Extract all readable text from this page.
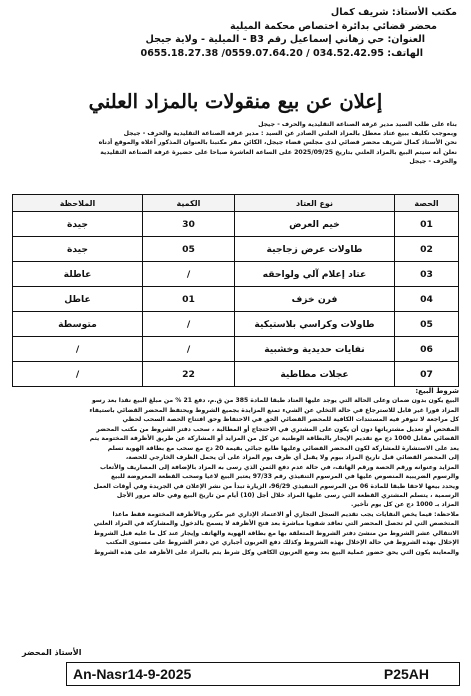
مكتب الأستاذ: شريف كمال
محضر قضائي بدائرة اختصاص محكمة الميلية
العنوان: حي زهاني إسماعيل رقم B3 - الميلية - ولاية جيجل
الهاتف: 034.52.42.95 / 0559.07.64.20/ 0655.18.27.38
إعلان عن بيع منقولات بالمزاد العلني
بناء على طلب السيد مدير غرفة الصناعة التقليدية والحرف - جيجل
وبموجب تكليف ببيع عتاد معطل بالمزاد العلني الصادر عن السيد : مدير غرفة الصناعة التقليدية والحرف - جيجل
نحن الأستاذ كمال شريف محضر قضائي لدى مجلس قضاء جيجل، الكائن مقر مكتبنا بالعنوان المذكور أعلاه والموقع أدناه
نعلن أنه سيتم البيع بالمزاد العلني بتاريخ 2025/09/25 على الساعة العاشرة صباحا على حضيرة غرفة الصناعة التقليدية
والحرف - جيجل
الحصة	نوع العتاد	الكمية	الملاحظة
01	خيم العرض	30	جيدة
02	طاولات عرض زجاجية	05	جيدة
03	عتاد إعلام آلي ولواحقه	/	عاطلة
04	فرن خزف	01	عاطل
05	طاولات وكراسي بلاستيكية	/	متوسطة
06	نفايات حديدية وخشبية	/	/
07	عجلات مطاطية	22	/
شروط البيع:
البيع يكون بدون ضمان وعلى الحالة التي يوجد عليها العتاد طبقا للمادة 385 من ق.م، دفع 21 % من مبلغ البيع نقدا بعد رسو
المزاد فورا غير قابل للاسترجاع في حالة التخلي عن الشيء تمنع المزايدة بجميع الشروط ويحتفظ المحضر القضائي باستيفاء
كل مراجعة لا تتوفر فيه المستندات الكافية للمحضر القضائي الحق في الاحتفاظ وحق افتتاح الحصة السحب لحظي
المفحص أو تعديل مشترياتها دون أن يكون على المشتري في الاحتجاج أو المطالبة ، سحب دفتر الشروط من مكتب المحضر
القضائي مقابل 1000 دج مع تقديم الإيجار بالبطاقة الوطنية عن كل من المزايد أو المشاركة عن طريق الأظرفة المختومة يتم
بعد على الاستشارة للمشاركة لكون المحضر القضائي وعليها طابع جبائي بقيمة 20 دج مع سحب مع بطاقة الهوية تسلم
إلى المحضر القضائي قبل تاريخ المزاد بيوم ولا يقبل أي ظرف يوم المزاد على أن يحمل الظرف الخارجي للحصة،
المزايد وعنوانه ورقم الحصة ورقم الهاتف، في حالة عدم دفع الثمن الذي رسى به المزاد بالإضافة إلى المصاريف والأتعاب
والرسوم الضريبية المنصوص عليها في المرسوم التنفيذي رقم 97/33 يعتبر البيع لاغيا وسحب القطعة المعروضة للبيع
ويحدد بيعها لاحقا طبقا للمادة 06 من المرسوم التنفيذي 96/29، الزيارة تبدأ من نشر الإعلان في الجريدة وفي أوقات العمل
الرسمية ، يتسلم المشتري القطعة التي رسى عليها المزاد خلال أجل (10) أيام من تاريخ البيع وفي حالة مرور الأجل
المزاد بـ 1000 دج عن كل يوم تأخير.
ملاحظة: فيما يخص النفايات يجب تقديم السجل التجاري أو الاعتماد الإداري غير مكرر وبالأظرفة المختومة فقط ماعدا
المتخصص التي لم تحصل المحضر التي تعاقد شفويا مباشرة بعد فتح الأظرفة لا يسمح بالدخول والمشاركة في المزاد العلني
الانتقالي عشر الشروط من منشئ دفتر الشروط المتعلقة بها مع بطاقة الهوية والهاتف وإيجار عند كل ما عليه قبل الشروط
الإخلال بهذه الشروط في حالة الإخلال بهذه الشروط وكذلك دفع العربون أجباري عن دفتر الشروط على مستوى المكتب
والمعاينة يكون التي يحق حضور عملية البيع بعد وضع العربون الكافي وكل شرط يتم بالمزاد على الأظرفة على هذه الشروط
الأستاذ المحضر
An-Nasr14-9-2025	P25AH
